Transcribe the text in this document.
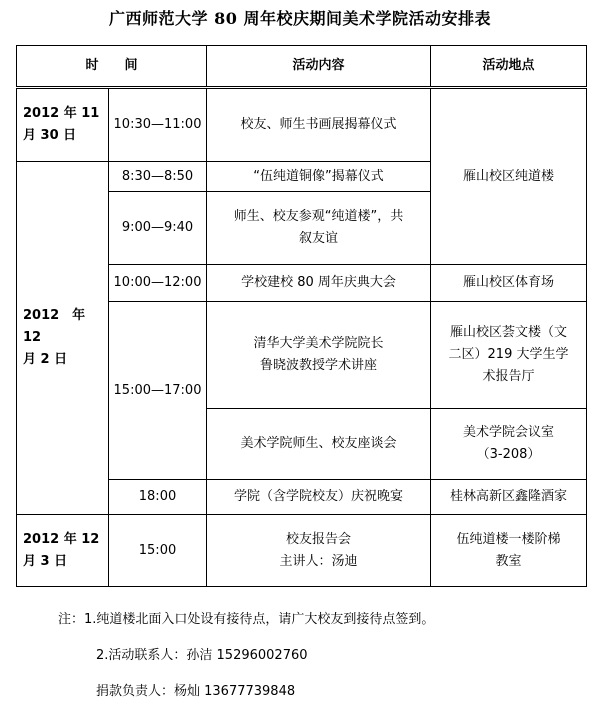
广西师范大学 80 周年校庆期间美术学院活动安排表
时　　间		活动内容	活动地点
2012 年 11
月 30 日	10:30—11:00	校友、师生书画展揭幕仪式	雁山校区纯道楼
2012　年　12
月 2 日	8:30—8:50	“伍纯道铜像”揭幕仪式	
	9:00—9:40	师生、校友参观“纯道楼”，共
叙友谊	
	10:00—12:00	学校建校 80 周年庆典大会	雁山校区体育场
	15:00—17:00	清华大学美术学院院长
鲁晓波教授学术讲座	雁山校区荟文楼（文
二区）219 大学生学
术报告厅
		美术学院师生、校友座谈会	美术学院会议室
（3-208）
	18:00	学院（含学院校友）庆祝晚宴	桂林高新区鑫隆酒家
2012 年 12
月 3 日	15:00	校友报告会
主讲人：汤迪	伍纯道楼一楼阶梯
教室
注：1.纯道楼北面入口处设有接待点，请广大校友到接待点签到。
2.活动联系人：孙洁 15296002760
捐款负责人：杨灿 13677739848
